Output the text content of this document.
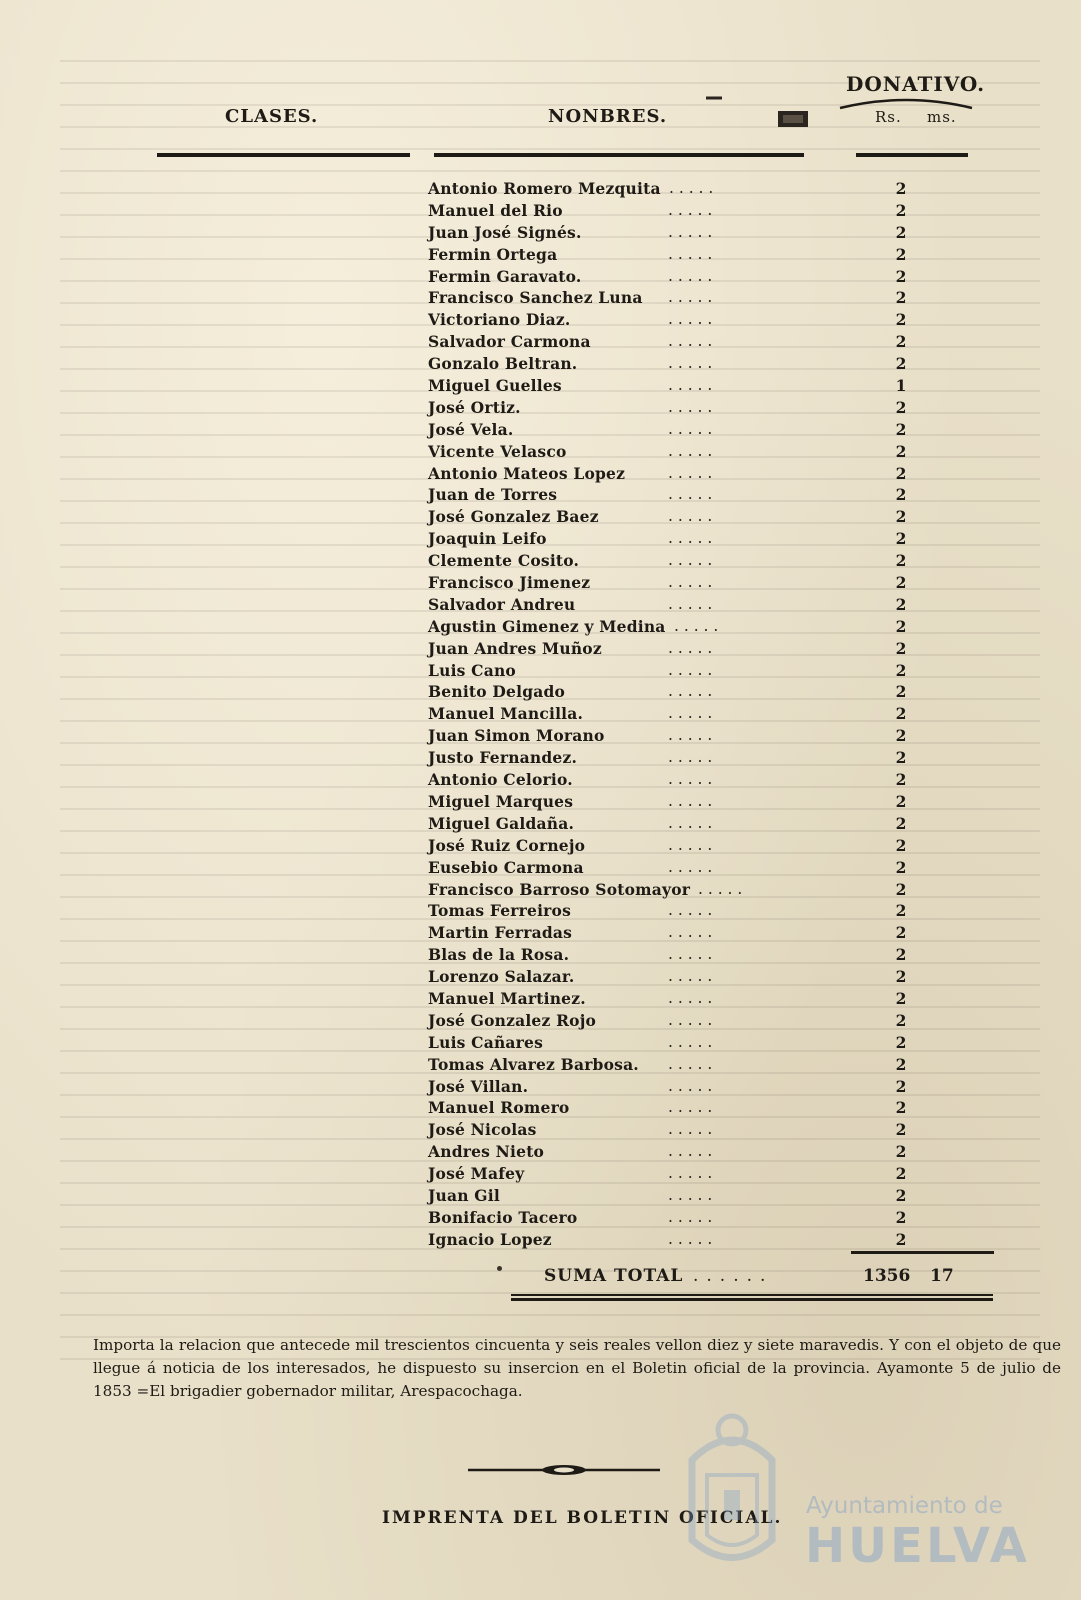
CLASES.	NONBRES.
DONATIVO.
Rs. ms.
Antonio Romero Mezquita . . . . .	2
Manuel del Rio	. . . . .	2
Juan José Signés.	. . . . .	2
Fermin Ortega	. . . . .	2
Fermin Garavato.	. . . . .	2
Francisco Sanchez Luna . . . . .	2
Victoriano Diaz.	. . . . .	2
Salvador Carmona	. . . . .	2
Gonzalo Beltran.	. . . . .	2
Miguel Guelles	. . . . .	1
José Ortiz.	. . . . .	2
José Vela.	. . . . .	2
Vicente Velasco	. . . . .	2
Antonio Mateos Lopez	. . . . .	2
Juan de Torres	. . . . .	2
José Gonzalez Baez	. . . . .	2
Joaquin Leifo	. . . . .	2
Clemente Cosito.	. . . . .	2
Francisco Jimenez	. . . . .	2
Salvador Andreu	. . . . .	2
Agustin Gimenez y Medina . . . . .	2
Juan Andres Muñoz	. . . . .	2
Luis Cano	. . . . .	2
Benito Delgado	. . . . .	2
Manuel Mancilla.	. . . . .	2
Juan Simon Morano	. . . . .	2
Justo Fernandez.	. . . . .	2
Antonio Celorio.	. . . . .	2
Miguel Marques	. . . . .	2
Miguel Galdaña.	. . . . .	2
José Ruiz Cornejo	. . . . .	2
Eusebio Carmona	. . . . .	2
Francisco Barroso Sotomayor . . . . .	2
Tomas Ferreiros	. . . . .	2
Martin Ferradas	. . . . .	2
Blas de la Rosa.	. . . . .	2
Lorenzo Salazar.	. . . . .	2
Manuel Martinez.	. . . . .	2
José Gonzalez Rojo	. . . . .	2
Luis Cañares	. . . . .	2
Tomas Alvarez Barbosa. . . . . .	2
José Villan.	. . . . .	2
Manuel Romero	. . . . .	2
José Nicolas	. . . . .	2
Andres Nieto	. . . . .	2
José Mafey	. . . . .	2
Juan Gil	. . . . .	2
Bonifacio Tacero	. . . . .	2
Ignacio Lopez	. . . . .	2
SUMA TOTAL ......	1356 17
Importa la relacion que antecede mil trescientos cincuenta y seis reales vellon diez y siete maravedis. Y con el objeto de que llegue á noticia de los interesados, he dispuesto su insercion en el Boletin oficial de la provincia. Ayamonte 5 de julio de 1853 =El brigadier gobernador militar, Arespacochaga.
IMPRENTA DEL BOLETIN OFICIAL. Ayuntamiento de
HUELVA
